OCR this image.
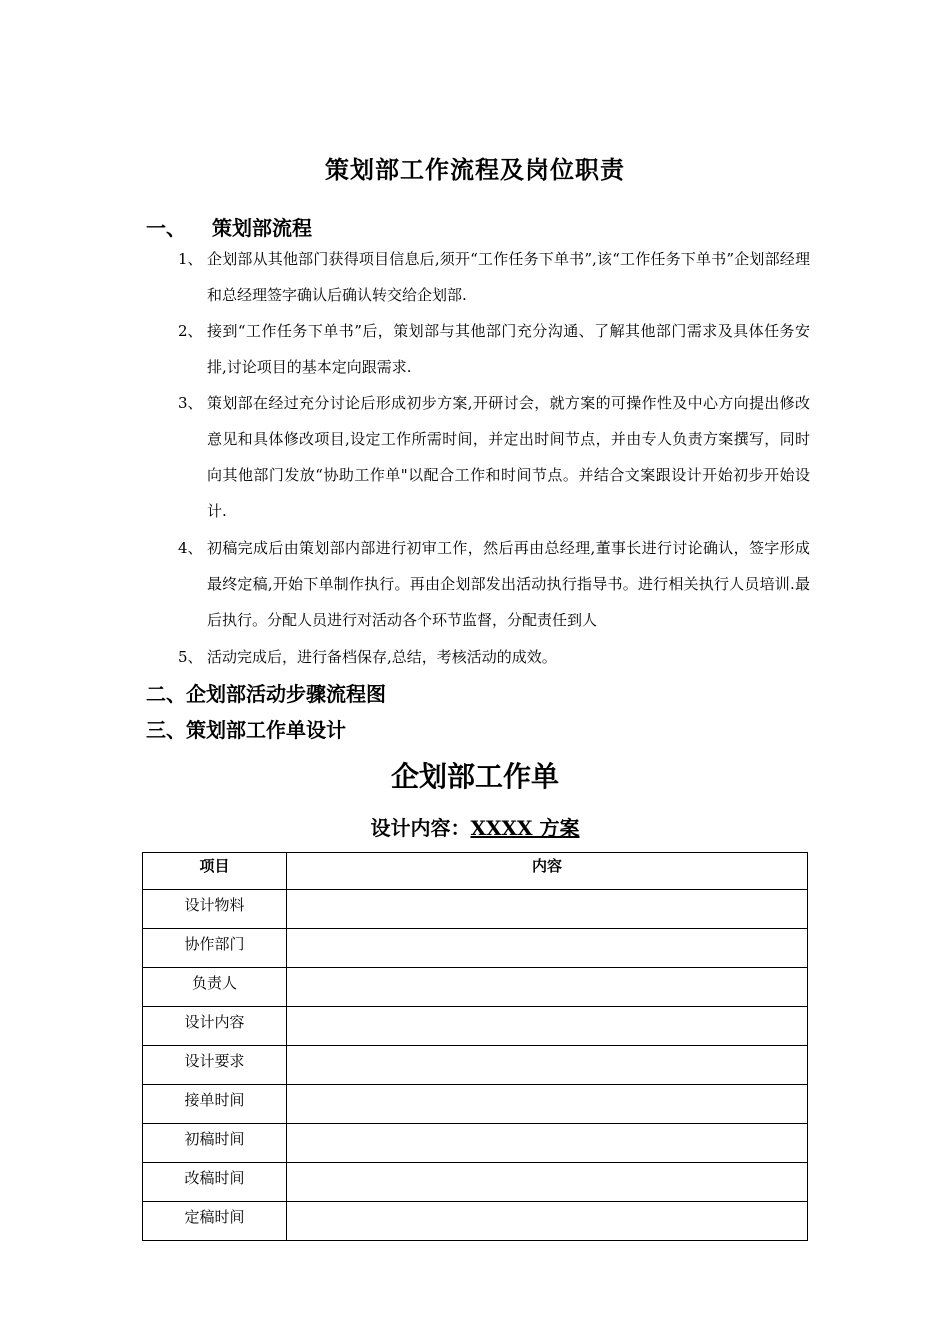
策划部工作流程及岗位职责
一、 策划部流程
1、 企划部从其他部门获得项目信息后,须开“工作任务下单书”,该“工作任务下单书”企划部经理和总经理签字确认后确认转交给企划部.
2、 接到“工作任务下单书”后，策划部与其他部门充分沟通、了解其他部门需求及具体任务安排,讨论项目的基本定向跟需求.
3、 策划部在经过充分讨论后形成初步方案,开研讨会，就方案的可操作性及中心方向提出修改意见和具体修改项目,设定工作所需时间，并定出时间节点，并由专人负责方案撰写，同时向其他部门发放“协助工作单"以配合工作和时间节点。并结合文案跟设计开始初步开始设计.
4、 初稿完成后由策划部内部进行初审工作，然后再由总经理,董事长进行讨论确认，签字形成最终定稿,开始下单制作执行。再由企划部发出活动执行指导书。进行相关执行人员培训.最后执行。分配人员进行对活动各个环节监督，分配责任到人
5、 活动完成后，进行备档保存,总结，考核活动的成效。
二、企划部活动步骤流程图
三、策划部工作单设计
企划部工作单
设计内容：XXXX 方案
项目	内容
设计物料	
协作部门	
负责人	
设计内容	
设计要求	
接单时间	
初稿时间	
改稿时间	
定稿时间	
